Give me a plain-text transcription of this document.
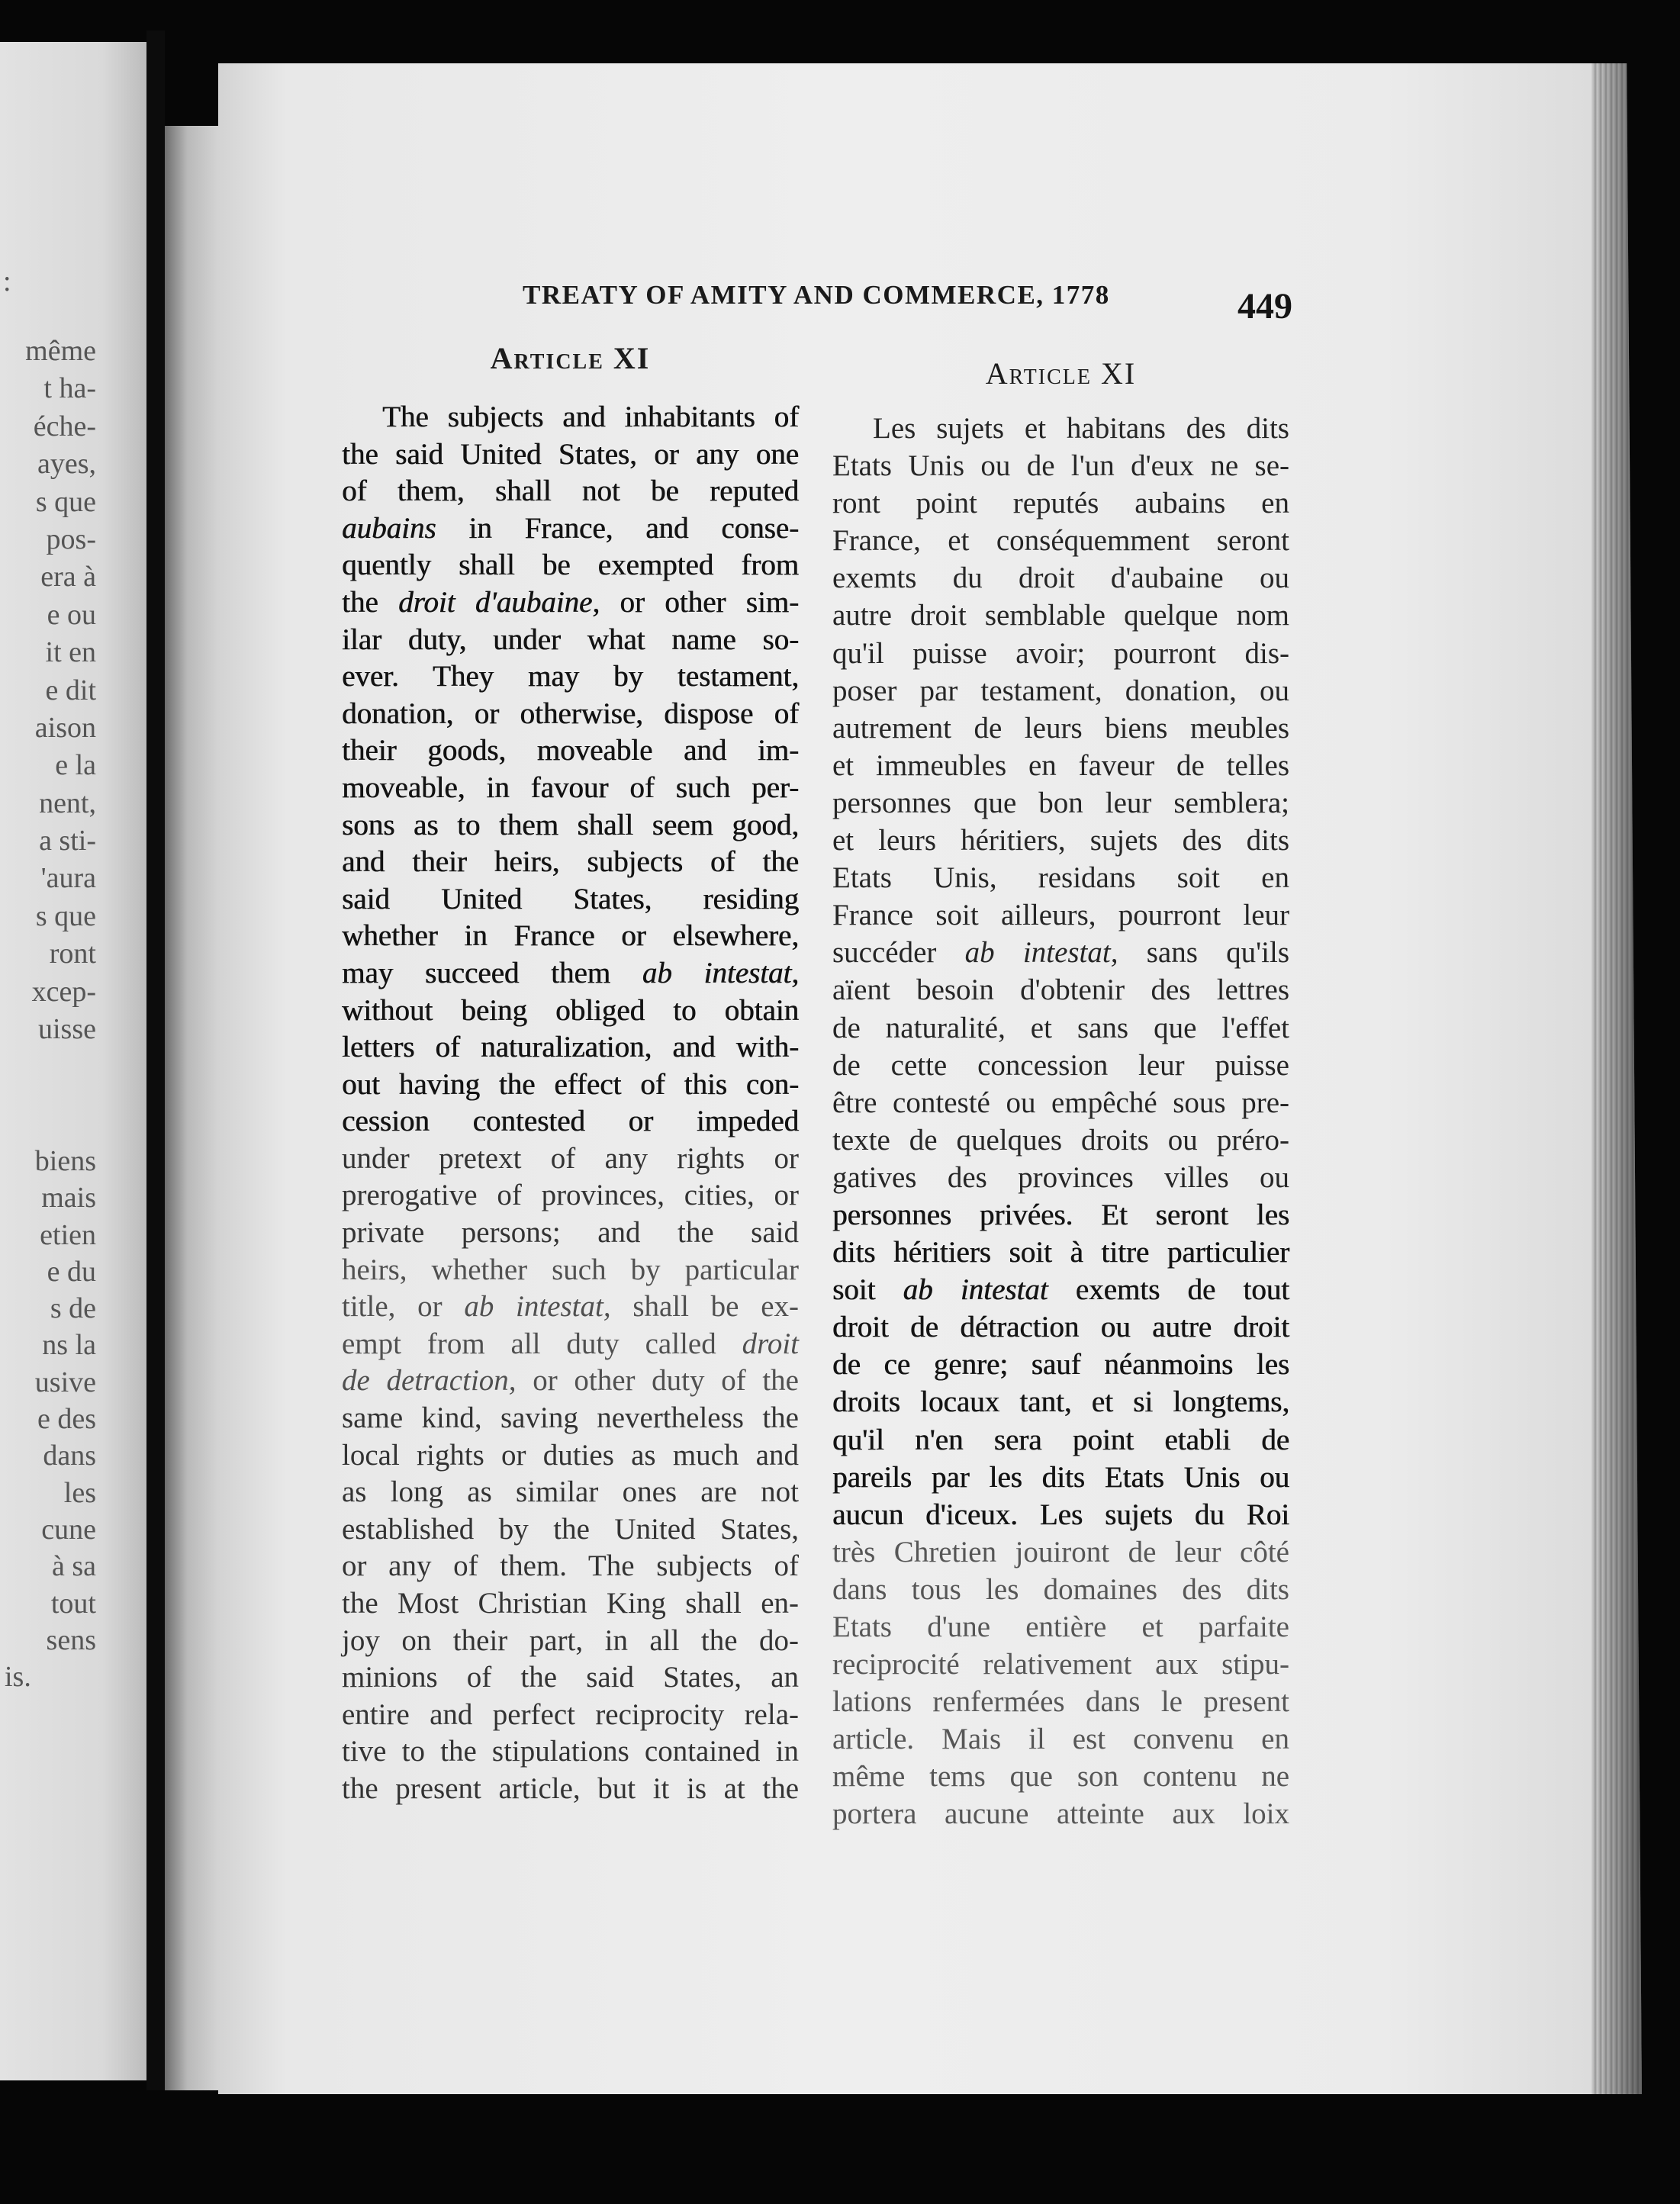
:
même
t ha-
éche-
ayes,
s que
pos-
era à
e ou
it en
e dit
aison
e la
nent,
a sti-
'aura
s que
ront
xcep-
uisse
biens
mais
etien
e du
s de
ns la
usive
e des
dans
les
cune
à sa
tout
sens
is.
TREATY OF AMITY AND COMMERCE, 1778	449
Article XI	Article XI
The subjects and inhabitants of
the said United States, or any one
of them, shall not be reputed
aubains in France, and conse-
quently shall be exempted from
the droit d'aubaine, or other sim-
ilar duty, under what name so-
ever. They may by testament,
donation, or otherwise, dispose of
their goods, moveable and im-
moveable, in favour of such per-
sons as to them shall seem good,
and their heirs, subjects of the
said United States, residing
whether in France or elsewhere,
may succeed them ab intestat,
without being obliged to obtain
letters of naturalization, and with-
out having the effect of this con-
cession contested or impeded
under pretext of any rights or
prerogative of provinces, cities, or
private persons; and the said
heirs, whether such by particular
title, or ab intestat, shall be ex-
empt from all duty called droit
de detraction, or other duty of the
same kind, saving nevertheless the
local rights or duties as much and
as long as similar ones are not
established by the United States,
or any of them. The subjects of
the Most Christian King shall en-
joy on their part, in all the do-
minions of the said States, an
entire and perfect reciprocity rela-
tive to the stipulations contained in
the present article, but it is at the
Les sujets et habitans des dits
Etats Unis ou de l'un d'eux ne se-
ront point reputés aubains en
France, et conséquemment seront
exemts du droit d'aubaine ou
autre droit semblable quelque nom
qu'il puisse avoir; pourront dis-
poser par testament, donation, ou
autrement de leurs biens meubles
et immeubles en faveur de telles
personnes que bon leur semblera;
et leurs héritiers, sujets des dits
Etats Unis, residans soit en
France soit ailleurs, pourront leur
succéder ab intestat, sans qu'ils
aïent besoin d'obtenir des lettres
de naturalité, et sans que l'effet
de cette concession leur puisse
être contesté ou empêché sous pre-
texte de quelques droits ou préro-
gatives des provinces villes ou
personnes privées. Et seront les
dits héritiers soit à titre particulier
soit ab intestat exemts de tout
droit de détraction ou autre droit
de ce genre; sauf néanmoins les
droits locaux tant, et si longtems,
qu'il n'en sera point etabli de
pareils par les dits Etats Unis ou
aucun d'iceux. Les sujets du Roi
très Chretien jouiront de leur côté
dans tous les domaines des dits
Etats d'une entière et parfaite
reciprocité relativement aux stipu-
lations renfermées dans le present
article. Mais il est convenu en
même tems que son contenu ne
portera aucune atteinte aux loix
